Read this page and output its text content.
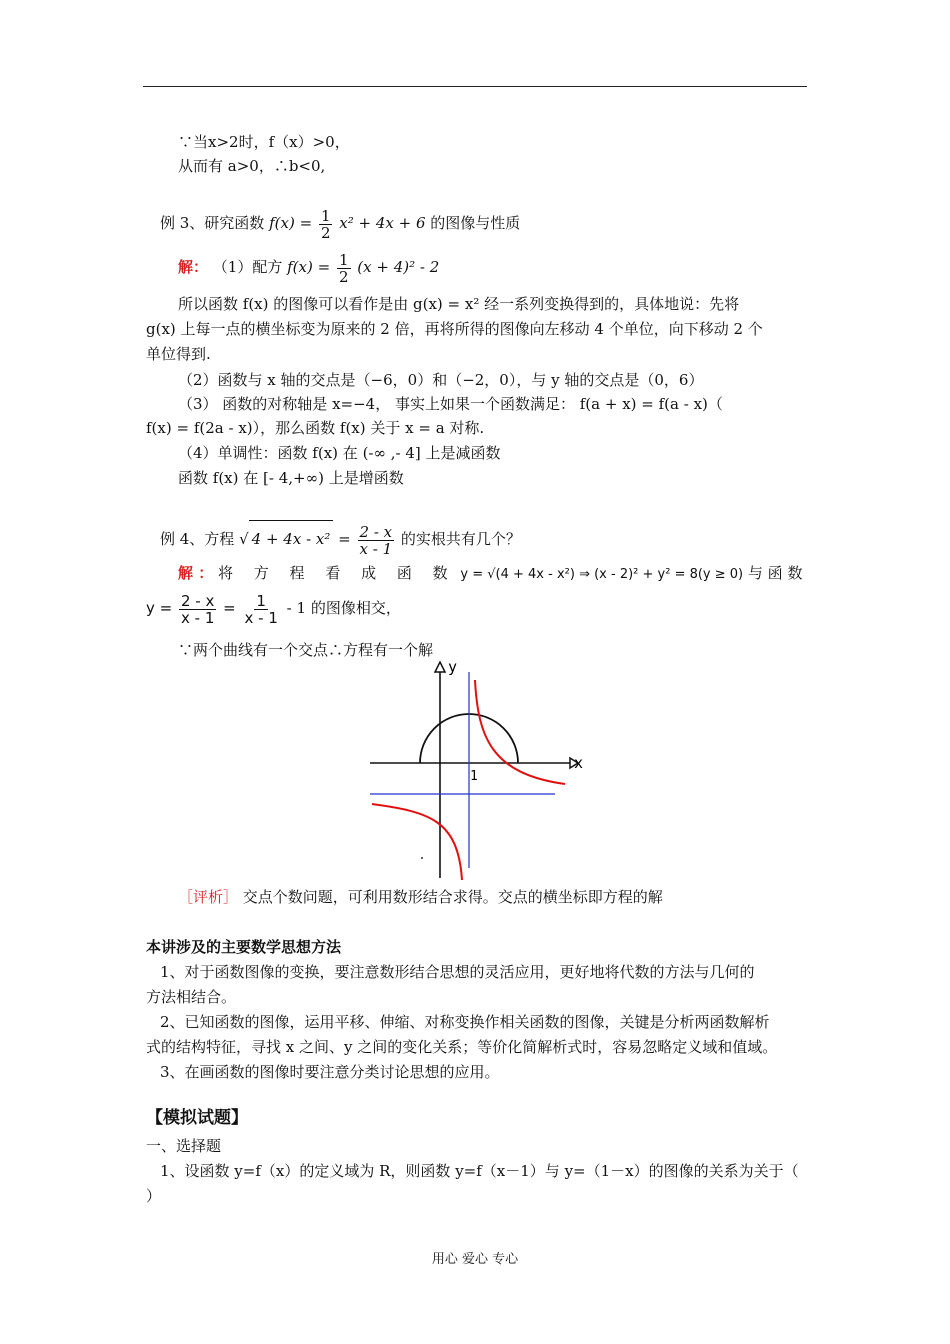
∵当x>2时，f（x）>0，
从而有 a>0，∴b<0,
例 3、研究函数 $f(x) = \frac{1}{2} x^2 + 4x + 6$ 的图像与性质
解： （1）配方 $f(x) = \frac{1}{2} (x + 4)^2 - 2$
所以函数 f(x) 的图像可以看作是由 g(x) = x² 经一系列变换得到的，具体地说：先将
g(x) 上每一点的横坐标变为原来的 2 倍，再将所得的图像向左移动 4 个单位，向下移动 2 个
单位得到.
（2）函数与 x 轴的交点是（−6，0）和（−2，0），与 y 轴的交点是（0，6）
（3） 函数的对称轴是 x=−4， 事实上如果一个函数满足： f(a + x) = f(a - x)（
f(x) = f(2a - x)），那么函数 f(x) 关于 x = a 对称.
（4）单调性：函数 f(x) 在 (-∞ ,- 4] 上是减函数
函数 f(x) 在 [- 4,+∞) 上是增函数
例 4、方程 √ $4 + 4x - x^2 = \frac{2 - x}{x - 1}$ 的实根共有几个？
解 ： 将 方 程 看 成 函 数 y = √(4 + 4x - x²) ⇒ (x - 2)² + y² = 8(y ≥ 0) 与 函 数
$y = \frac{2 - x}{x - 1} = \frac{1}{x - 1} - 1$ 的图像相交，
∵两个曲线有一个交点∴方程有一个解
x
y
1
［评析］ 交点个数问题，可利用数形结合求得。交点的横坐标即方程的解
本讲涉及的主要数学思想方法
1、对于函数图像的变换，要注意数形结合思想的灵活应用，更好地将代数的方法与几何的
方法相结合。
2、已知函数的图像，运用平移、伸缩、对称变换作相关函数的图像，关键是分析两函数解析
式的结构特征，寻找 x 之间、y 之间的变化关系；等价化简解析式时，容易忽略定义域和值域。
3、在画函数的图像时要注意分类讨论思想的应用。
【模拟试题】
一、选择题
1、设函数 y=f（x）的定义域为 R，则函数 y=f（x－1）与 y=（1－x）的图像的关系为关于（
）
用心 爱心 专心
